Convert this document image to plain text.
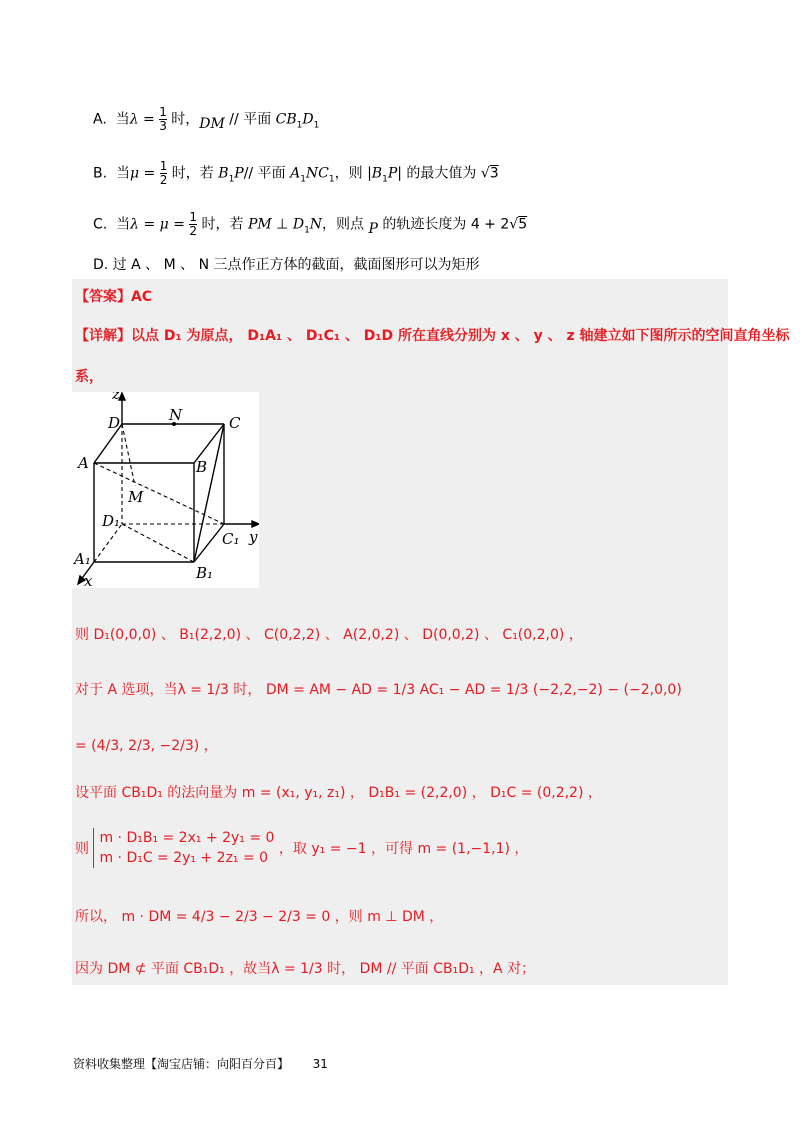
A.  当$\lambda = \frac{1}{3}$ 时，DM // 平面 $CB_1D_1$
B.  当$\mu = \frac{1}{2}$ 时，若 $B_1P//$ 平面 $A_1NC_1$，则 $|B_1P|$ 的最大值为 √3
C.  当$\lambda = \mu = \frac{1}{2}$ 时，若 PM ⊥ $D_1N$，则点 P 的轨迹长度为 4 + 2√5
D. 过 A 、 M 、 N 三点作正方体的截面，截面图形可以为矩形
【答案】AC
【详解】以点 D₁ 为原点， D₁A₁ 、 D₁C₁ 、 D₁D 所在直线分别为 x 、 y 、 z 轴建立如下图所示的空间直角坐标
系，
z
D	N	C
A	B
M
D₁
C₁ y
A₁
B₁
x
则 D₁(0,0,0) 、 B₁(2,2,0) 、 C(0,2,2) 、 A(2,0,2) 、 D(0,0,2) 、 C₁(0,2,0) ，
对于 A 选项，当λ = 1/3 时， DM = AM − AD = 1/3 AC₁ − AD = 1/3 (−2,2,−2) − (−2,0,0)
= (4/3, 2/3, −2/3) ，
设平面 CB₁D₁ 的法向量为 m = (x₁, y₁, z₁) ， D₁B₁ = (2,2,0) ， D₁C = (0,2,2) ，
则
m · D₁B₁ = 2x₁ + 2y₁ = 0
m · D₁C = 2y₁ + 2z₁ = 0
，取 y₁ = −1 ，可得 m = (1,−1,1) ，
所以， m · DM = 4/3 − 2/3 − 2/3 = 0 ，则 m ⊥ DM ，
因为 DM ⊄ 平面 CB₁D₁ ，故当λ = 1/3 时， DM // 平面 CB₁D₁ ，A 对；
资料收集整理【淘宝店铺：向阳百分百】 31
